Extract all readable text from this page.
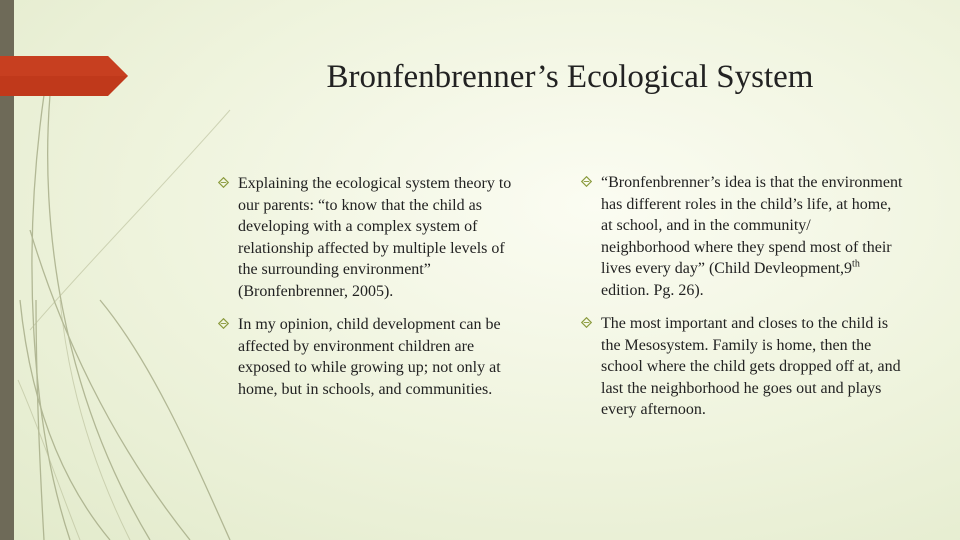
Bronfenbrenner’s Ecological System
Explaining the ecological system theory to our parents: “to know that the child as developing with a complex system of relationship affected by multiple levels of the surrounding environment” (Bronfenbrenner, 2005).
In my opinion, child development can be affected by environment children are exposed to while growing up; not only at home, but in schools, and communities.
“Bronfenbrenner’s idea is that the environment has different roles in the child’s life, at home, at school, and in the community/ neighborhood where they spend most of their lives every day” (Child Devleopment,9th edition. Pg. 26).
The most important and closes to the child is the Mesosystem. Family is home, then the school where the child gets dropped off at, and last the neighborhood he goes out and plays every afternoon.
